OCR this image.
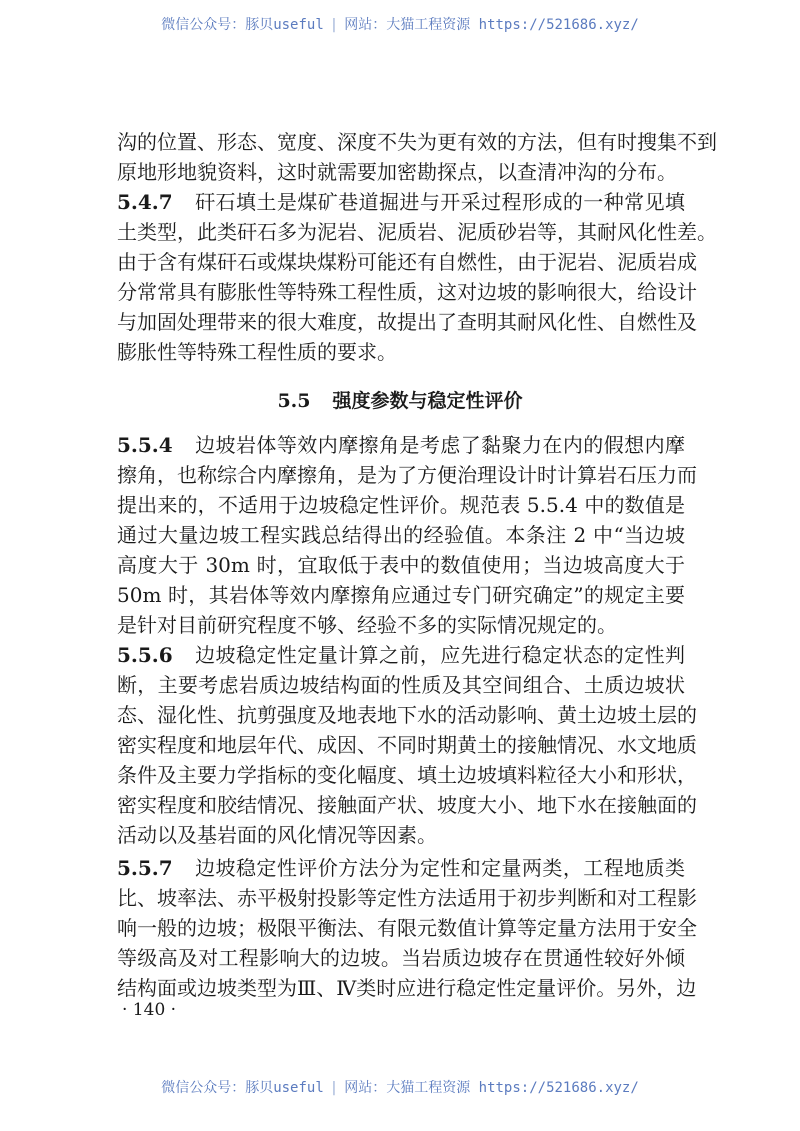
微信公众号：豚贝useful | 网站：大猫工程资源 https://521686.xyz/
沟的位置、形态、宽度、深度不失为更有效的方法，但有时搜集不到
原地形地貌资料，这时就需要加密勘探点，以查清冲沟的分布。
5.4.7 矸石填土是煤矿巷道掘进与开采过程形成的一种常见填
土类型，此类矸石多为泥岩、泥质岩、泥质砂岩等，其耐风化性差。
由于含有煤矸石或煤块煤粉可能还有自燃性，由于泥岩、泥质岩成
分常常具有膨胀性等特殊工程性质，这对边坡的影响很大，给设计
与加固处理带来的很大难度，故提出了查明其耐风化性、自燃性及
膨胀性等特殊工程性质的要求。
5.5 强度参数与稳定性评价
5.5.4 边坡岩体等效内摩擦角是考虑了黏聚力在内的假想内摩
擦角，也称综合内摩擦角，是为了方便治理设计时计算岩石压力而
提出来的，不适用于边坡稳定性评价。规范表 5.5.4 中的数值是
通过大量边坡工程实践总结得出的经验值。本条注 2 中“当边坡
高度大于 30m 时，宜取低于表中的数值使用；当边坡高度大于
50m 时，其岩体等效内摩擦角应通过专门研究确定”的规定主要
是针对目前研究程度不够、经验不多的实际情况规定的。
5.5.6 边坡稳定性定量计算之前，应先进行稳定状态的定性判
断，主要考虑岩质边坡结构面的性质及其空间组合、土质边坡状
态、湿化性、抗剪强度及地表地下水的活动影响、黄土边坡土层的
密实程度和地层年代、成因、不同时期黄土的接触情况、水文地质
条件及主要力学指标的变化幅度、填土边坡填料粒径大小和形状，
密实程度和胶结情况、接触面产状、坡度大小、地下水在接触面的
活动以及基岩面的风化情况等因素。
5.5.7 边坡稳定性评价方法分为定性和定量两类，工程地质类
比、坡率法、赤平极射投影等定性方法适用于初步判断和对工程影
响一般的边坡；极限平衡法、有限元数值计算等定量方法用于安全
等级高及对工程影响大的边坡。当岩质边坡存在贯通性较好外倾
结构面或边坡类型为Ⅲ、Ⅳ类时应进行稳定性定量评价。另外，边
· 140 ·
微信公众号：豚贝useful | 网站：大猫工程资源 https://521686.xyz/
